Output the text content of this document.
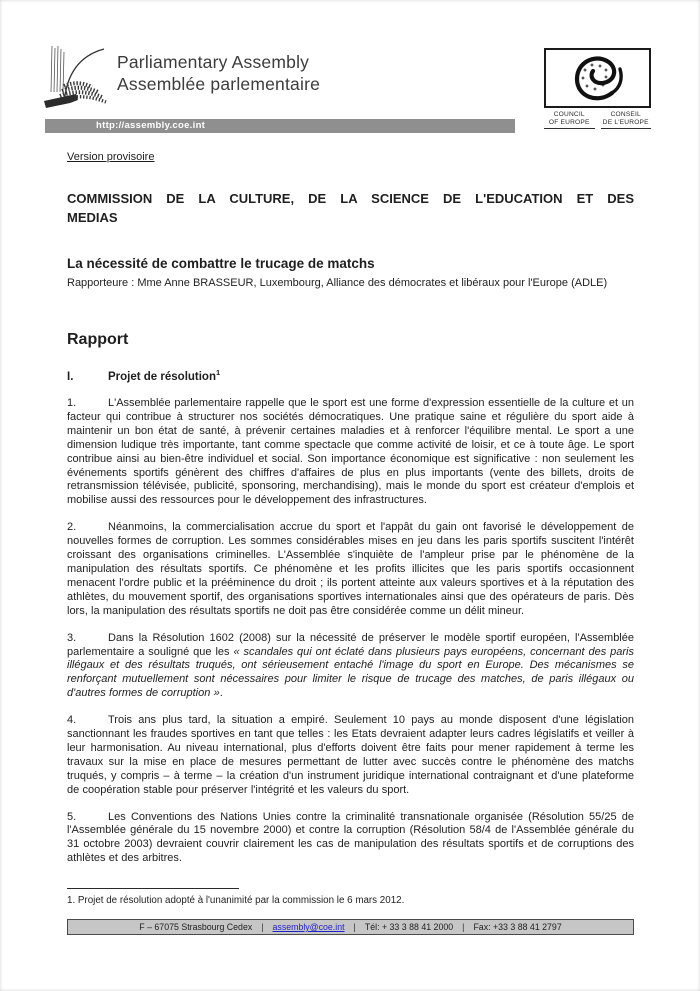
Parliamentary Assembly
Assemblée parlementaire
http://assembly.coe.int
COUNCIL
OF EUROPE
CONSEIL
DE L'EUROPE
Version provisoire
COMMISSION DE LA CULTURE, DE LA SCIENCE DE L'EDUCATION ET DES
MEDIAS
La nécessité de combattre le trucage de matchs
Rapporteure : Mme Anne BRASSEUR, Luxembourg, Alliance des démocrates et libéraux pour l'Europe (ADLE)
Rapport
I.	Projet de résolution$^1$
1.	L'Assemblée parlementaire rappelle que le sport est une forme d'expression essentielle de la culture et un facteur qui contribue à structurer nos sociétés démocratiques. Une pratique saine et régulière du sport aide à maintenir un bon état de santé, à prévenir certaines maladies et à renforcer l'équilibre mental. Le sport a une dimension ludique très importante, tant comme spectacle que comme activité de loisir, et ce à toute âge. Le sport contribue ainsi au bien-être individuel et social. Son importance économique est significative : non seulement les événements sportifs génèrent des chiffres d'affaires de plus en plus importants (vente des billets, droits de retransmission télévisée, publicité, sponsoring, merchandising), mais le monde du sport est créateur d'emplois et mobilise aussi des ressources pour le développement des infrastructures.
2.	Néanmoins, la commercialisation accrue du sport et l'appât du gain ont favorisé le développement de nouvelles formes de corruption. Les sommes considérables mises en jeu dans les paris sportifs suscitent l'intérêt croissant des organisations criminelles. L'Assemblée s'inquiète de l'ampleur prise par le phénomène de la manipulation des résultats sportifs. Ce phénomène et les profits illicites que les paris sportifs occasionnent menacent l'ordre public et la prééminence du droit ; ils portent atteinte aux valeurs sportives et à la réputation des athlètes, du mouvement sportif, des organisations sportives internationales ainsi que des opérateurs de paris. Dès lors, la manipulation des résultats sportifs ne doit pas être considérée comme un délit mineur.
3.	Dans la Résolution 1602 (2008) sur la nécessité de préserver le modèle sportif européen, l'Assemblée parlementaire a souligné que les « scandales qui ont éclaté dans plusieurs pays européens, concernant des paris illégaux et des résultats truqués, ont sérieusement entaché l'image du sport en Europe. Des mécanismes se renforçant mutuellement sont nécessaires pour limiter le risque de trucage des matches, de paris illégaux ou d'autres formes de corruption ».
4.	Trois ans plus tard, la situation a empiré. Seulement 10 pays au monde disposent d'une législation sanctionnant les fraudes sportives en tant que telles : les Etats devraient adapter leurs cadres législatifs et veiller à leur harmonisation. Au niveau international, plus d'efforts doivent être faits pour mener rapidement à terme les travaux sur la mise en place de mesures permettant de lutter avec succès contre le phénomène des matchs truqués, y compris – à terme – la création d'un instrument juridique international contraignant et d'une plateforme de coopération stable pour préserver l'intégrité et les valeurs du sport.
5.	Les Conventions des Nations Unies contre la criminalité transnationale organisée (Résolution 55/25 de l'Assemblée générale du 15 novembre 2000) et contre la corruption (Résolution 58/4 de l'Assemblée générale du 31 octobre 2003) devraient couvrir clairement les cas de manipulation des résultats sportifs et de corruptions des athlètes et des arbitres.
1. Projet de résolution adopté à l'unanimité par la commission le 6 mars 2012.
F – 67075 Strasbourg Cedex | assembly@coe.int | Tél: + 33 3 88 41 2000 | Fax: +33 3 88 41 2797
